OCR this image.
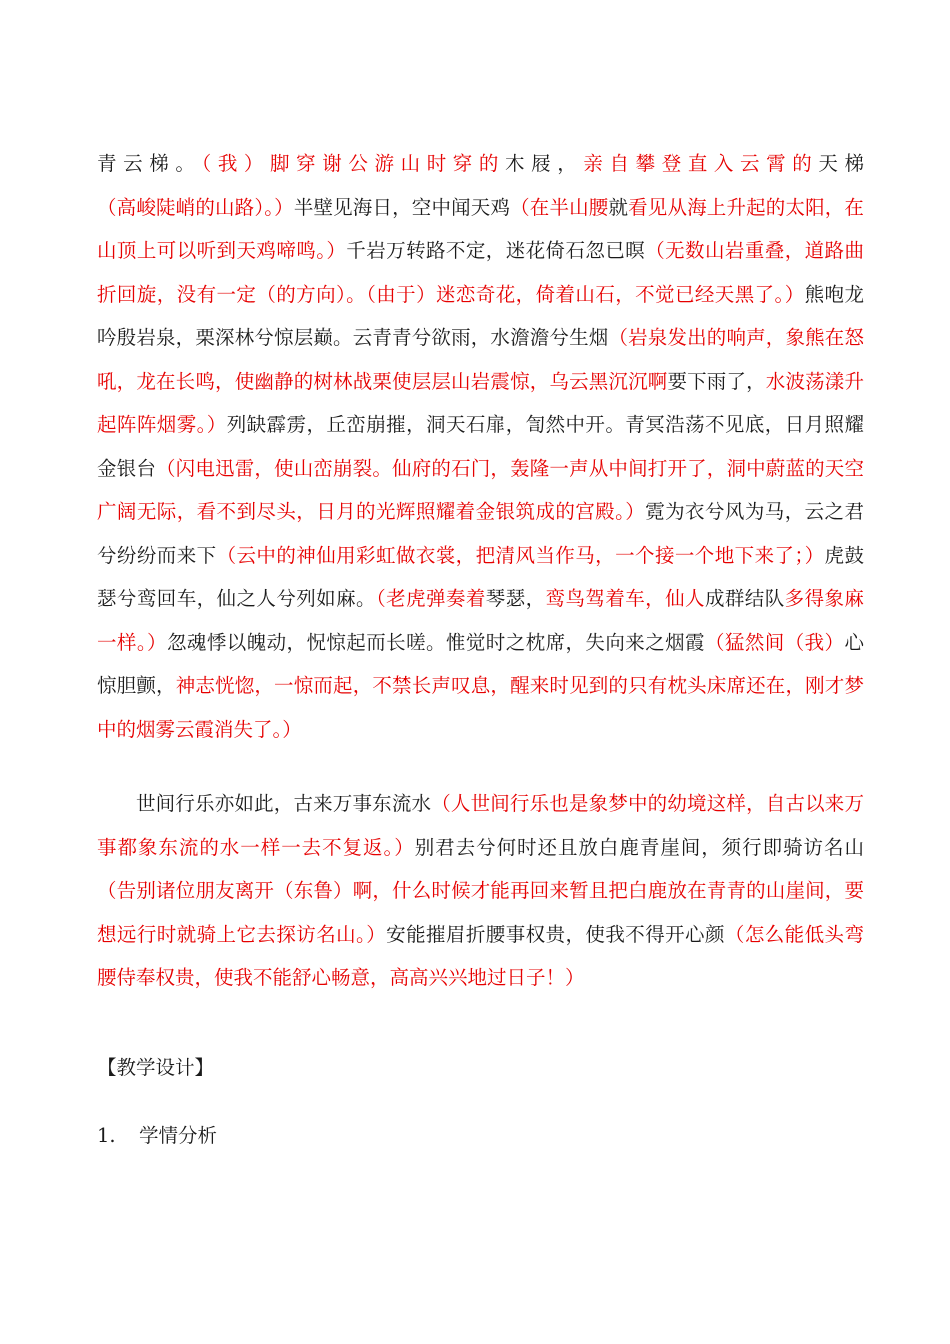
青云梯。（我）脚穿谢公游山时穿的木屐，亲自攀登直入云霄的天梯（高峻陡峭的山路）。）半壁见海日，空中闻天鸡（在半山腰就看见从海上升起的太阳，在山顶上可以听到天鸡啼鸣。）千岩万转路不定，迷花倚石忽已暝（无数山岩重叠，道路曲折回旋，没有一定（的方向）。（由于）迷恋奇花，倚着山石，不觉已经天黑了。）熊咆龙吟殷岩泉，栗深林兮惊层巅。云青青兮欲雨，水澹澹兮生烟（岩泉发出的响声，象熊在怒吼，龙在长鸣，使幽静的树林战栗使层层山岩震惊，乌云黑沉沉啊要下雨了，水波荡漾升起阵阵烟雾。）列缺霹雳，丘峦崩摧，洞天石扉，訇然中开。青冥浩荡不见底，日月照耀金银台（闪电迅雷，使山峦崩裂。仙府的石门，轰隆一声从中间打开了，洞中蔚蓝的天空广阔无际，看不到尽头，日月的光辉照耀着金银筑成的宫殿。）霓为衣兮风为马，云之君兮纷纷而来下（云中的神仙用彩虹做衣裳，把清风当作马，一个接一个地下来了；）虎鼓瑟兮鸾回车，仙之人兮列如麻。（老虎弹奏着琴瑟，鸾鸟驾着车，仙人成群结队多得象麻一样。）忽魂悸以魄动，怳惊起而长嗟。惟觉时之枕席，失向来之烟霞（猛然间（我）心惊胆颤，神志恍惚，一惊而起，不禁长声叹息，醒来时见到的只有枕头床席还在，刚才梦中的烟雾云霞消失了。）

世间行乐亦如此，古来万事东流水（人世间行乐也是象梦中的幼境这样，自古以来万事都象东流的水一样一去不复返。）别君去兮何时还且放白鹿青崖间，须行即骑访名山（告别诸位朋友离开（东鲁）啊，什么时候才能再回来暂且把白鹿放在青青的山崖间，要想远行时就骑上它去探访名山。）安能摧眉折腰事权贵，使我不得开心颜（怎么能低头弯腰侍奉权贵，使我不能舒心畅意，高高兴兴地过日子！）

【教学设计】
1. 学情分析
